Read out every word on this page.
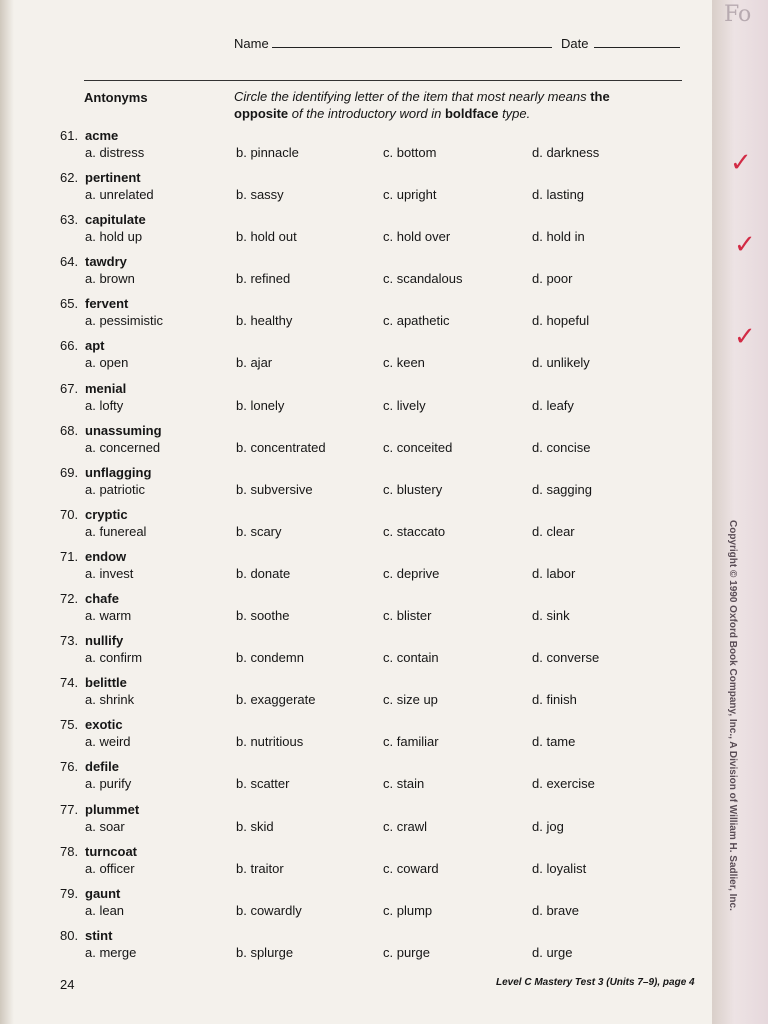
Name	Date
Antonyms	Circle the identifying letter of the item that most nearly means the opposite of the introductory word in boldface type.
61. acme
a. distress	b. pinnacle	c. bottom	d. darkness
62. pertinent
a. unrelated	b. sassy	c. upright	d. lasting
63. capitulate
a. hold up	b. hold out	c. hold over	d. hold in
64. tawdry
a. brown	b. refined	c. scandalous	d. poor
65. fervent
a. pessimistic	b. healthy	c. apathetic	d. hopeful
66. apt
a. open	b. ajar	c. keen	d. unlikely
67. menial
a. lofty	b. lonely	c. lively	d. leafy
68. unassuming
a. concerned	b. concentrated	c. conceited	d. concise
69. unflagging
a. patriotic	b. subversive	c. blustery	d. sagging
70. cryptic
a. funereal	b. scary	c. staccato	d. clear
71. endow
a. invest	b. donate	c. deprive	d. labor
72. chafe
a. warm	b. soothe	c. blister	d. sink
73. nullify
a. confirm	b. condemn	c. contain	d. converse
74. belittle
a. shrink	b. exaggerate	c. size up	d. finish
75. exotic
a. weird	b. nutritious	c. familiar	d. tame
76. defile
a. purify	b. scatter	c. stain	d. exercise
77. plummet
a. soar	b. skid	c. crawl	d. jog
78. turncoat
a. officer	b. traitor	c. coward	d. loyalist
79. gaunt
a. lean	b. cowardly	c. plump	d. brave
80. stint
a. merge	b. splurge	c. purge	d. urge
24	Level C Mastery Test 3 (Units 7–9), page 4
Fo
Copyright © 1990 Oxford Book Company, Inc., A Division of William H. Sadlier, Inc.
✓
✓
✓
